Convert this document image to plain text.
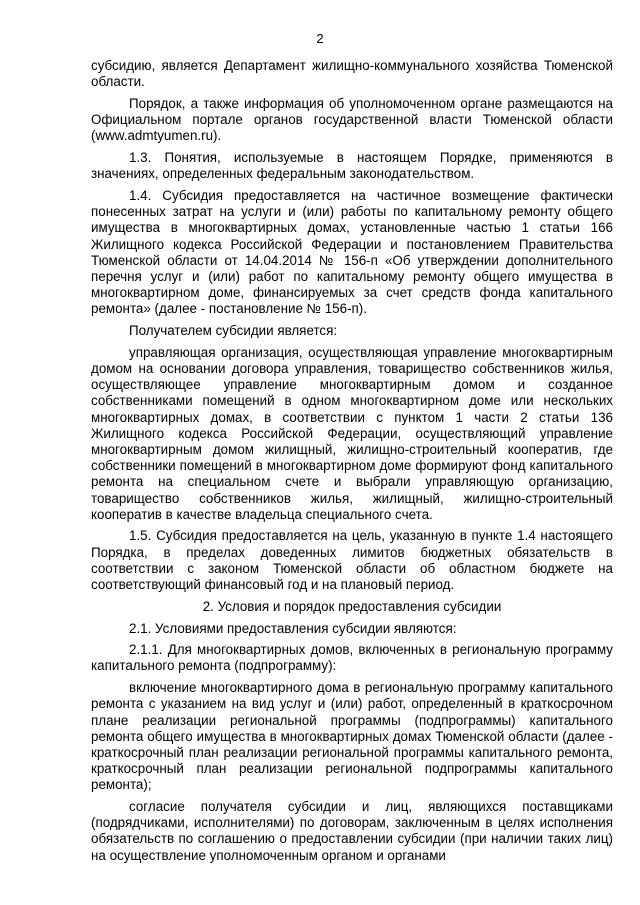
2

субсидию, является Департамент жилищно-коммунального хозяйства Тюменской области.

Порядок, а также информация об уполномоченном органе размещаются на Официальном портале органов государственной власти Тюменской области (www.admtyumen.ru).

1.3. Понятия, используемые в настоящем Порядке, применяются в значениях, определенных федеральным законодательством.

1.4. Субсидия предоставляется на частичное возмещение фактически понесенных затрат на услуги и (или) работы по капитальному ремонту общего имущества в многоквартирных домах, установленные частью 1 статьи 166 Жилищного кодекса Российской Федерации и постановлением Правительства Тюменской области от 14.04.2014 № 156-п «Об утверждении дополнительного перечня услуг и (или) работ по капитальному ремонту общего имущества в многоквартирном доме, финансируемых за счет средств фонда капитального ремонта» (далее - постановление № 156-п).

Получателем субсидии является:

управляющая организация, осуществляющая управление многоквартирным домом на основании договора управления, товарищество собственников жилья, осуществляющее управление многоквартирным домом и созданное собственниками помещений в одном многоквартирном доме или нескольких многоквартирных домах, в соответствии с пунктом 1 части 2 статьи 136 Жилищного кодекса Российской Федерации, осуществляющий управление многоквартирным домом жилищный, жилищно-строительный кооператив, где собственники помещений в многоквартирном доме формируют фонд капитального ремонта на специальном счете и выбрали управляющую организацию, товарищество собственников жилья, жилищный, жилищно-строительный кооператив в качестве владельца специального счета.

1.5. Субсидия предоставляется на цель, указанную в пункте 1.4 настоящего Порядка, в пределах доведенных лимитов бюджетных обязательств в соответствии с законом Тюменской области об областном бюджете на соответствующий финансовый год и на плановый период.

2. Условия и порядок предоставления субсидии

2.1. Условиями предоставления субсидии являются:

2.1.1. Для многоквартирных домов, включенных в региональную программу капитального ремонта (подпрограмму):

включение многоквартирного дома в региональную программу капитального ремонта с указанием на вид услуг и (или) работ, определенный в краткосрочном плане реализации региональной программы (подпрограммы) капитального ремонта общего имущества в многоквартирных домах Тюменской области (далее - краткосрочный план реализации региональной программы капитального ремонта, краткосрочный план реализации региональной подпрограммы капитального ремонта);

согласие получателя субсидии и лиц, являющихся поставщиками (подрядчиками, исполнителями) по договорам, заключенным в целях исполнения обязательств по соглашению о предоставлении субсидии (при наличии таких лиц) на осуществление уполномоченным органом и органами
